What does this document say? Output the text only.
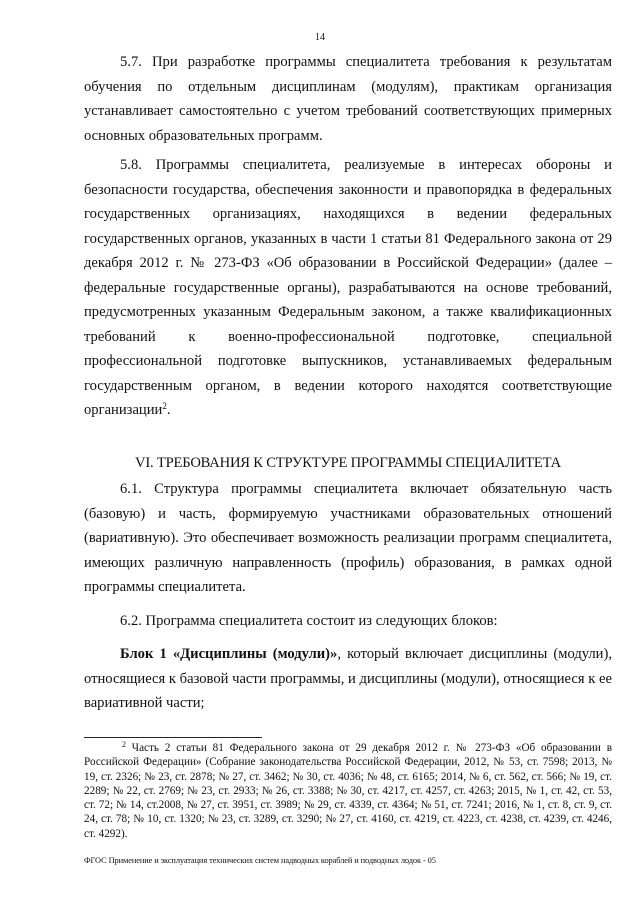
14

5.7. При разработке программы специалитета требования к результатам обучения по отдельным дисциплинам (модулям), практикам организация устанавливает самостоятельно с учетом требований соответствующих примерных основных образовательных программ.

5.8. Программы специалитета, реализуемые в интересах обороны и безопасности государства, обеспечения законности и правопорядка в федеральных государственных организациях, находящихся в ведении федеральных государственных органов, указанных в части 1 статьи 81 Федерального закона от 29 декабря 2012 г. № 273-ФЗ «Об образовании в Российской Федерации» (далее – федеральные государственные органы), разрабатываются на основе требований, предусмотренных указанным Федеральным законом, а также квалификационных требований к военно-профессиональной подготовке, специальной профессиональной подготовке выпускников, устанавливаемых федеральным государственным органом, в ведении которого находятся соответствующие организации$^2$.

VI. ТРЕБОВАНИЯ К СТРУКТУРЕ ПРОГРАММЫ СПЕЦИАЛИТЕТА

6.1. Структура программы специалитета включает обязательную часть (базовую) и часть, формируемую участниками образовательных отношений (вариативную). Это обеспечивает возможность реализации программ специалитета, имеющих различную направленность (профиль) образования, в рамках одной программы специалитета.

6.2. Программа специалитета состоит из следующих блоков:

Блок 1 «Дисциплины (модули)», который включает дисциплины (модули), относящиеся к базовой части программы, и дисциплины (модули), относящиеся к ее вариативной части;

$^2$ Часть 2 статьи 81 Федерального закона от 29 декабря 2012 г. № 273-ФЗ «Об образовании в Российской Федерации» (Собрание законодательства Российской Федерации, 2012, № 53, ст. 7598; 2013, № 19, ст. 2326; № 23, ст. 2878; № 27, ст. 3462; № 30, ст. 4036; № 48, ст. 6165; 2014, № 6, ст. 562, ст. 566; № 19, ст. 2289; № 22, ст. 2769; № 23, ст. 2933; № 26, ст. 3388; № 30, ст. 4217, ст. 4257, ст. 4263; 2015, № 1, ст. 42, ст. 53, ст. 72; № 14, ст.2008, № 27, ст. 3951, ст. 3989; № 29, ст. 4339, ст. 4364; № 51, ст. 7241; 2016, № 1, ст. 8, ст. 9, ст. 24, ст. 78; № 10, ст. 1320; № 23, ст. 3289, ст. 3290; № 27, ст. 4160, ст. 4219, ст. 4223, ст. 4238, ст. 4239, ст. 4246, ст. 4292).
ФГОС Применение и эксплуатация технических систем надводных кораблей и подводных лодок - 05
